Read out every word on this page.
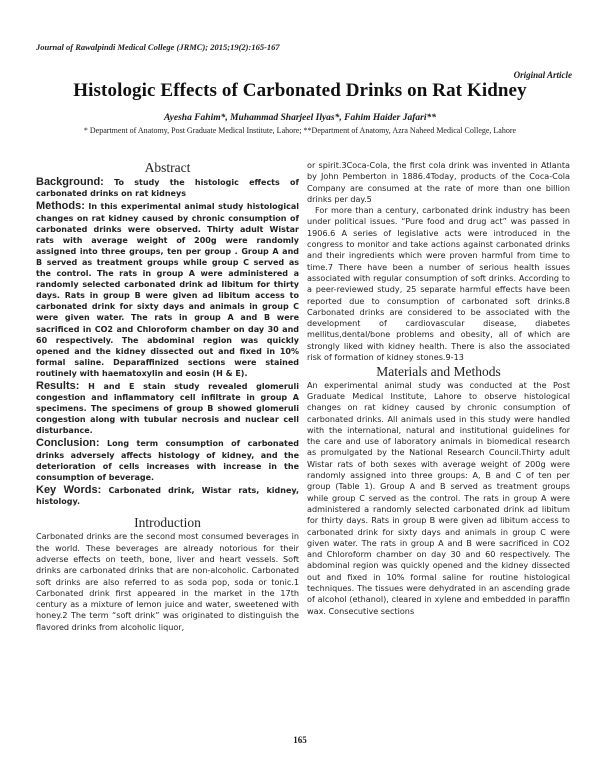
Journal of Rawalpindi Medical College (JRMC); 2015;19(2):165-167
Original Article
Histologic Effects of Carbonated Drinks on Rat Kidney
Ayesha Fahim*, Muhammad Sharjeel Ilyas*, Fahim Haider Jafari**
* Department of Anatomy, Post Graduate Medical Institute, Lahore; **Department of Anatomy, Azra Naheed Medical College, Lahore
Abstract

Background: To study the histologic effects of carbonated drinks on rat kidneys

Methods: In this experimental animal study histological changes on rat kidney caused by chronic consumption of carbonated drinks were observed. Thirty adult Wistar rats with average weight of 200g were randomly assigned into three groups, ten per group . Group A and B served as treatment groups while group C served as the control. The rats in group A were administered a randomly selected carbonated drink ad libitum for thirty days. Rats in group B were given ad libitum access to carbonated drink for sixty days and animals in group C were given water. The rats in group A and B were sacrificed in CO2 and Chloroform chamber on day 30 and 60 respectively. The abdominal region was quickly opened and the kidney dissected out and fixed in 10% formal saline. Deparaffinized sections were stained routinely with haematoxylin and eosin (H & E).

Results: H and E stain study revealed glomeruli congestion and inflammatory cell infiltrate in group A specimens. The specimens of group B showed glomeruli congestion along with tubular necrosis and nuclear cell disturbance.

Conclusion: Long term consumption of carbonated drinks adversely affects histology of kidney, and the deterioration of cells increases with increase in the consumption of beverage.

Key Words: Carbonated drink, Wistar rats, kidney, histology.

Introduction

Carbonated drinks are the second most consumed beverages in the world. These beverages are already notorious for their adverse effects on teeth, bone, liver and heart vessels. Soft drinks are carbonated drinks that are non-alcoholic. Carbonated soft drinks are also referred to as soda pop, soda or tonic.1 Carbonated drink first appeared in the market in the 17th century as a mixture of lemon juice and water, sweetened with honey.2 The term “soft drink” was originated to distinguish the flavored drinks from alcoholic liquor,

or spirit.3Coca-Cola, the first cola drink was invented in Atlanta by John Pemberton in 1886.4Today, products of the Coca-Cola Company are consumed at the rate of more than one billion drinks per day.5

For more than a century, carbonated drink industry has been under political issues. “Pure food and drug act” was passed in 1906.6 A series of legislative acts were introduced in the congress to monitor and take actions against carbonated drinks and their ingredients which were proven harmful from time to time.7 There have been a number of serious health issues associated with regular consumption of soft drinks. According to a peer-reviewed study, 25 separate harmful effects have been reported due to consumption of carbonated soft drinks.8 Carbonated drinks are considered to be associated with the development of cardiovascular disease, diabetes mellitus,dental/bone problems and obesity, all of which are strongly liked with kidney health. There is also the associated risk of formation of kidney stones.9-13

Materials and Methods

An experimental animal study was conducted at the Post Graduate Medical Institute, Lahore to observe histological changes on rat kidney caused by chronic consumption of carbonated drinks. All animals used in this study were handled with the international, natural and institutional guidelines for the care and use of laboratory animals in biomedical research as promulgated by the National Research Council.Thirty adult Wistar rats of both sexes with average weight of 200g were randomly assigned into three groups: A, B and C of ten per group (Table 1). Group A and B served as treatment groups while group C served as the control. The rats in group A were administered a randomly selected carbonated drink ad libitum for thirty days. Rats in group B were given ad libitum access to carbonated drink for sixty days and animals in group C were given water. The rats in group A and B were sacrificed in CO2 and Chloroform chamber on day 30 and 60 respectively. The abdominal region was quickly opened and the kidney dissected out and fixed in 10% formal saline for routine histological techniques. The tissues were dehydrated in an ascending grade of alcohol (ethanol), cleared in xylene and embedded in paraffin wax. Consecutive sections

165
